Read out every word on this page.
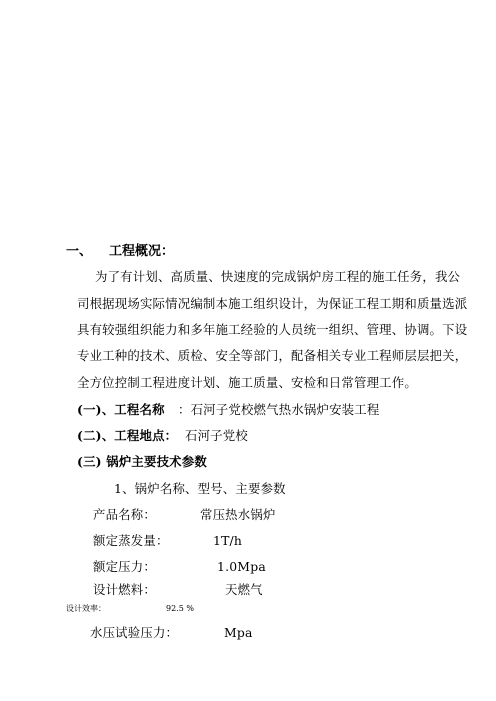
一、 工程概况：
为了有计划、高质量、快速度的完成锅炉房工程的施工任务，我公
司根据现场实际情况编制本施工组织设计，为保证工程工期和质量选派
具有较强组织能力和多年施工经验的人员统一组织、管理、协调。下设
专业工种的技术、质检、安全等部门，配备相关专业工程师层层把关，
全方位控制工程进度计划、施工质量、安检和日常管理工作。
(一)、工程名称 ：石河子党校燃气热水锅炉安装工程
(二)、工程地点： 石河子党校
(三) 锅炉主要技术参数
1、锅炉名称、型号、主要参数
产品名称：	常压热水锅炉
额定蒸发量：	1T/h
额定压力：	1.0Mpa
设计燃料：	天燃气
设计效率：	92.5 %
水压试验压力：	Mpa
